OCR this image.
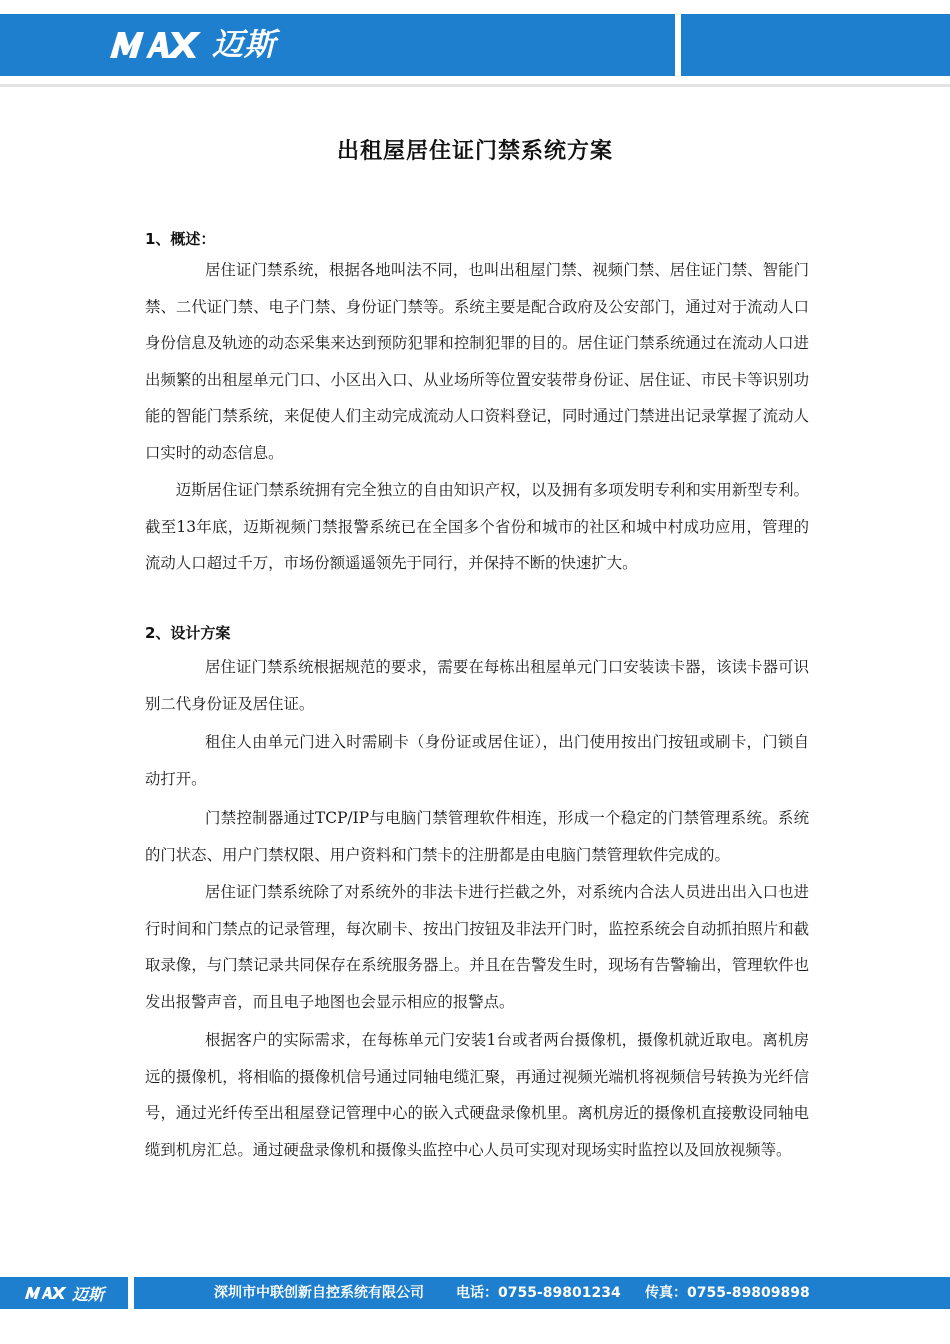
迈斯
出租屋居住证门禁系统方案
1、概述：
居住证门禁系统，根据各地叫法不同，也叫出租屋门禁、视频门禁、居住证门禁、智能门禁、二代证门禁、电子门禁、身份证门禁等。系统主要是配合政府及公安部门，通过对于流动人口身份信息及轨迹的动态采集来达到预防犯罪和控制犯罪的目的。居住证门禁系统通过在流动人口进出频繁的出租屋单元门口、小区出入口、从业场所等位置安装带身份证、居住证、市民卡等识别功能的智能门禁系统，来促使人们主动完成流动人口资料登记，同时通过门禁进出记录掌握了流动人口实时的动态信息。
迈斯居住证门禁系统拥有完全独立的自由知识产权，以及拥有多项发明专利和实用新型专利。截至13年底，迈斯视频门禁报警系统已在全国多个省份和城市的社区和城中村成功应用，管理的流动人口超过千万，市场份额遥遥领先于同行，并保持不断的快速扩大。
2、设计方案
居住证门禁系统根据规范的要求，需要在每栋出租屋单元门口安装读卡器，该读卡器可识别二代身份证及居住证。
租住人由单元门进入时需刷卡（身份证或居住证），出门使用按出门按钮或刷卡，门锁自动打开。
门禁控制器通过TCP/IP与电脑门禁管理软件相连，形成一个稳定的门禁管理系统。系统的门状态、用户门禁权限、用户资料和门禁卡的注册都是由电脑门禁管理软件完成的。
居住证门禁系统除了对系统外的非法卡进行拦截之外，对系统内合法人员进出出入口也进行时间和门禁点的记录管理，每次刷卡、按出门按钮及非法开门时，监控系统会自动抓拍照片和截取录像，与门禁记录共同保存在系统服务器上。并且在告警发生时，现场有告警输出，管理软件也发出报警声音，而且电子地图也会显示相应的报警点。
根据客户的实际需求，在每栋单元门安装1台或者两台摄像机，摄像机就近取电。离机房远的摄像机，将相临的摄像机信号通过同轴电缆汇聚，再通过视频光端机将视频信号转换为光纤信号，通过光纤传至出租屋登记管理中心的嵌入式硬盘录像机里。离机房近的摄像机直接敷设同轴电缆到机房汇总。通过硬盘录像机和摄像头监控中心人员可实现对现场实时监控以及回放视频等。
迈斯	深圳市中联创新自控系统有限公司 电话：0755-89801234 传真：0755-89809898
